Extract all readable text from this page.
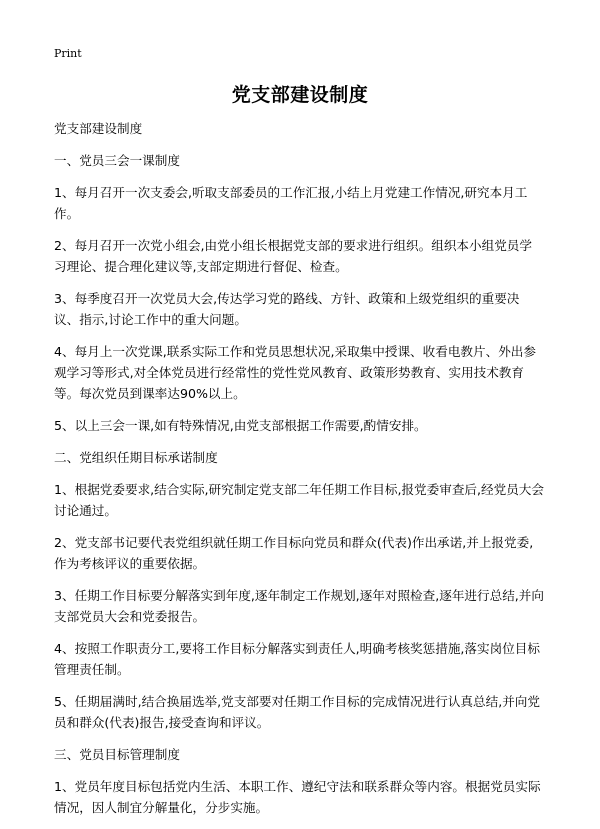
Print
党支部建设制度

党支部建设制度

一、党员三会一课制度

1、每月召开一次支委会,听取支部委员的工作汇报,小结上月党建工作情况,研究本月工作。

2、每月召开一次党小组会,由党小组长根据党支部的要求进行组织。组织本小组党员学习理论、提合理化建议等,支部定期进行督促、检查。

3、每季度召开一次党员大会,传达学习党的路线、方针、政策和上级党组织的重要决议、指示,讨论工作中的重大问题。

4、每月上一次党课,联系实际工作和党员思想状况,采取集中授课、收看电教片、外出参观学习等形式,对全体党员进行经常性的党性党风教育、政策形势教育、实用技术教育等。每次党员到课率达90%以上。

5、以上三会一课,如有特殊情况,由党支部根据工作需要,酌情安排。

二、党组织任期目标承诺制度

1、根据党委要求,结合实际,研究制定党支部二年任期工作目标,报党委审查后,经党员大会讨论通过。

2、党支部书记要代表党组织就任期工作目标向党员和群众(代表)作出承诺,并上报党委,作为考核评议的重要依据。

3、任期工作目标要分解落实到年度,逐年制定工作规划,逐年对照检查,逐年进行总结,并向支部党员大会和党委报告。

4、按照工作职责分工,要将工作目标分解落实到责任人,明确考核奖惩措施,落实岗位目标管理责任制。

5、任期届满时,结合换届选举,党支部要对任期工作目标的完成情况进行认真总结,并向党员和群众(代表)报告,接受查询和评议。

三、党员目标管理制度

1、党员年度目标包括党内生活、本职工作、遵纪守法和联系群众等内容。根据党员实际情况，因人制宜分解量化，分步实施。
